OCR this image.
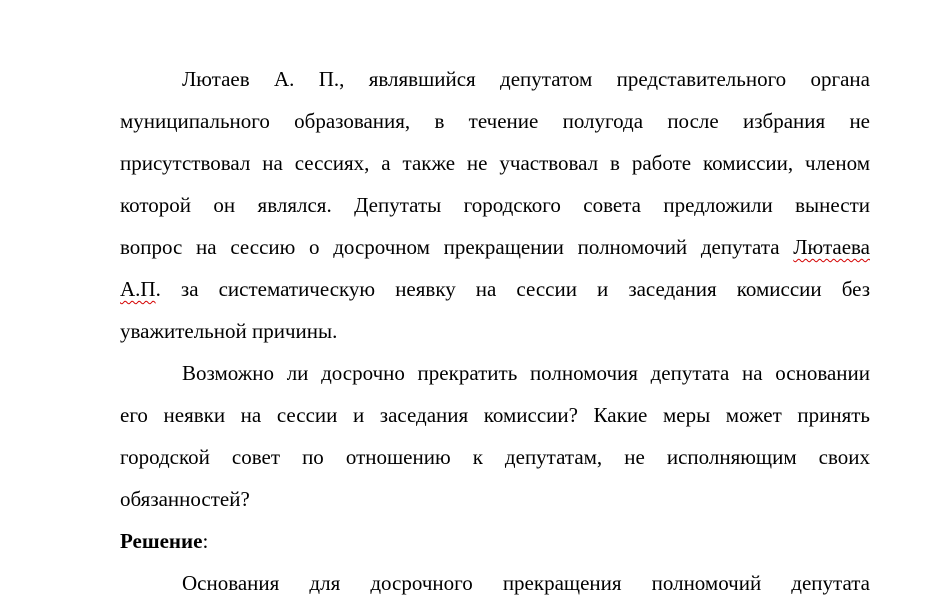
Лютаев А. П., являвшийся депутатом представительного органа
муниципального образования, в течение полугода после избрания не
присутствовал на сессиях, а также не участвовал в работе комиссии, членом
которой он являлся. Депутаты городского совета предложили вынести
вопрос на сессию о досрочном прекращении полномочий депутата Лютаева
А.П. за систематическую неявку на сессии и заседания комиссии без
уважительной причины.
Возможно ли досрочно прекратить полномочия депутата на основании
его неявки на сессии и заседания комиссии? Какие меры может принять
городской совет по отношению к депутатам, не исполняющим своих
обязанностей?
Решение:
Основания для досрочного прекращения полномочий депутата
